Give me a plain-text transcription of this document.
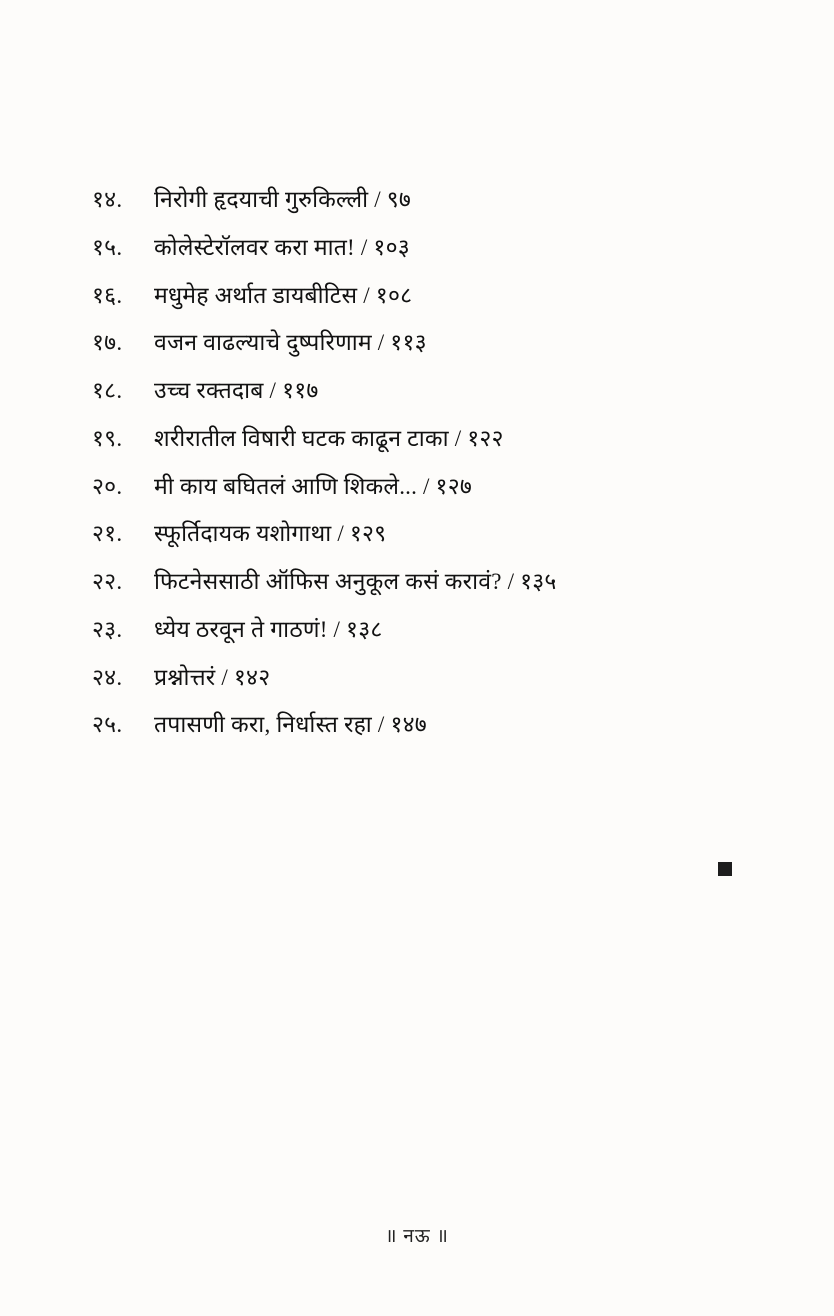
१४.	निरोगी हृदयाची गुरुकिल्ली / ९७
१५.	कोलेस्टेरॉलवर करा मात! / १०३
१६.	मधुमेह अर्थात डायबीटिस / १०८
१७.	वजन वाढल्याचे दुष्परिणाम / ११३
१८.	उच्च रक्तदाब / ११७
१९.	शरीरातील विषारी घटक काढून टाका / १२२
२०.	मी काय बघितलं आणि शिकले... / १२७
२१.	स्फूर्तिदायक यशोगाथा / १२९
२२.	फिटनेससाठी ऑफिस अनुकूल कसं करावं? / १३५
२३.	ध्येय ठरवून ते गाठणं! / १३८
२४.	प्रश्नोत्तरं / १४२
२५.	तपासणी करा, निर्धास्त रहा / १४७
॥ नऊ ॥
